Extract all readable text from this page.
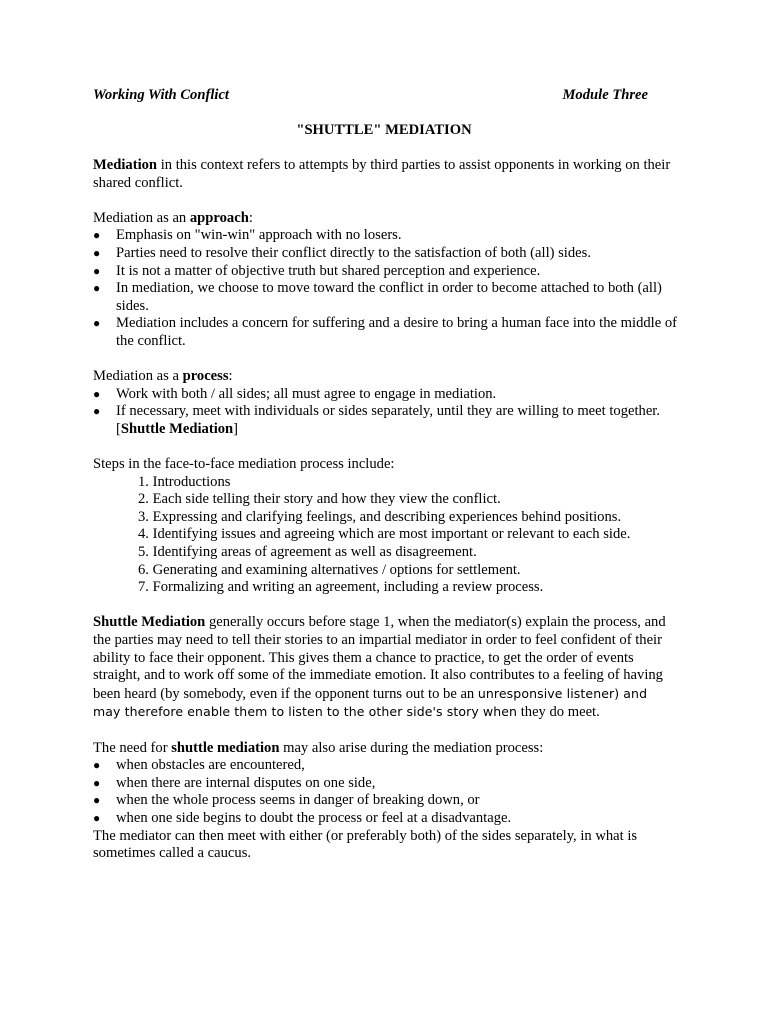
Working With Conflict	Module Three
"SHUTTLE" MEDIATION

Mediation in this context refers to attempts by third parties to assist opponents in working on their shared conflict.

Mediation as an approach:

● Emphasis on "win-win" approach with no losers.
● Parties need to resolve their conflict directly to the satisfaction of both (all) sides.
● It is not a matter of objective truth but shared perception and experience.
● In mediation, we choose to move toward the conflict in order to become attached to both (all) sides.
● Mediation includes a concern for suffering and a desire to bring a human face into the middle of the conflict.

Mediation as a process:

● Work with both / all sides; all must agree to engage in mediation.
● If necessary, meet with individuals or sides separately, until they are willing to meet together. [Shuttle Mediation]

Steps in the face-to-face mediation process include:

1. Introductions
2. Each side telling their story and how they view the conflict.
3. Expressing and clarifying feelings, and describing experiences behind positions.
4. Identifying issues and agreeing which are most important or relevant to each side.
5. Identifying areas of agreement as well as disagreement.
6. Generating and examining alternatives / options for settlement.
7. Formalizing and writing an agreement, including a review process.

Shuttle Mediation generally occurs before stage 1, when the mediator(s) explain the process, and the parties may need to tell their stories to an impartial mediator in order to feel confident of their ability to face their opponent. This gives them a chance to practice, to get the order of events straight, and to work off some of the immediate emotion. It also contributes to a feeling of having been heard (by somebody, even if the opponent turns out to be an unresponsive listener) and may therefore enable them to listen to the other side's story when they do meet.

The need for shuttle mediation may also arise during the mediation process:

● when obstacles are encountered,
● when there are internal disputes on one side,
● when the whole process seems in danger of breaking down, or
● when one side begins to doubt the process or feel at a disadvantage.

The mediator can then meet with either (or preferably both) of the sides separately, in what is sometimes called a caucus.
